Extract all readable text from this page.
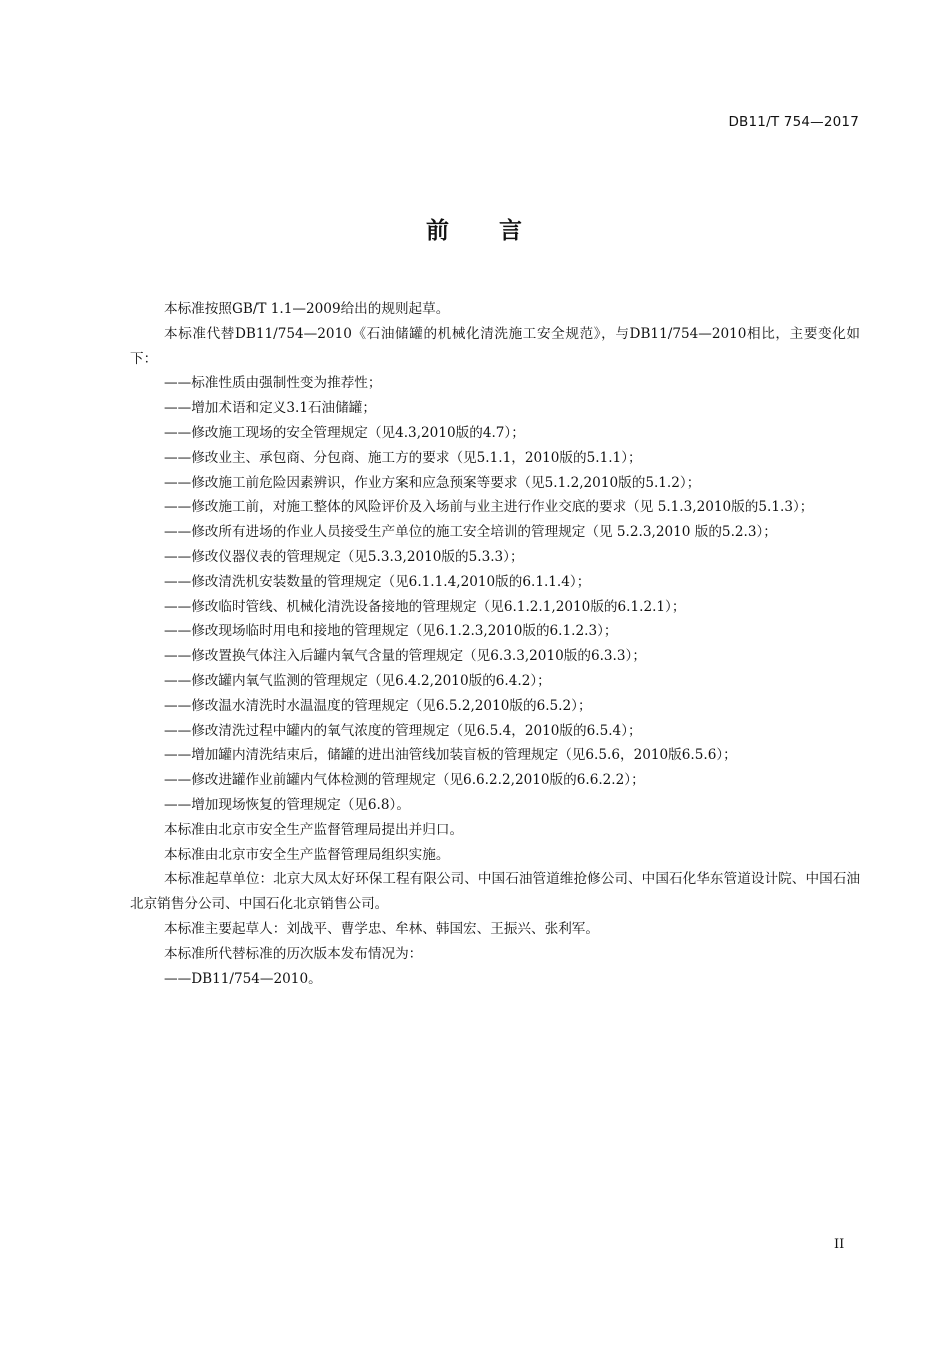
DB11/T 754—2017
前 言

本标准按照GB/T 1.1—2009给出的规则起草。

本标准代替DB11/754—2010《石油储罐的机械化清洗施工安全规范》，与DB11/754—2010相比，主要变化如下：

——标准性质由强制性变为推荐性；

——增加术语和定义3.1石油储罐；

——修改施工现场的安全管理规定（见4.3,2010版的4.7）；

——修改业主、承包商、分包商、施工方的要求（见5.1.1，2010版的5.1.1）；

——修改施工前危险因素辨识，作业方案和应急预案等要求（见5.1.2,2010版的5.1.2）；

——修改施工前，对施工整体的风险评价及入场前与业主进行作业交底的要求（见 5.1.3,2010版的5.1.3）；

——修改所有进场的作业人员接受生产单位的施工安全培训的管理规定（见 5.2.3,2010 版的5.2.3）；

——修改仪器仪表的管理规定（见5.3.3,2010版的5.3.3）；

——修改清洗机安装数量的管理规定（见6.1.1.4,2010版的6.1.1.4）；

——修改临时管线、机械化清洗设备接地的管理规定（见6.1.2.1,2010版的6.1.2.1）；

——修改现场临时用电和接地的管理规定（见6.1.2.3,2010版的6.1.2.3）；

——修改置换气体注入后罐内氧气含量的管理规定（见6.3.3,2010版的6.3.3）；

——修改罐内氧气监测的管理规定（见6.4.2,2010版的6.4.2）；

——修改温水清洗时水温温度的管理规定（见6.5.2,2010版的6.5.2）；

——修改清洗过程中罐内的氧气浓度的管理规定（见6.5.4，2010版的6.5.4）；

——增加罐内清洗结束后，储罐的进出油管线加装盲板的管理规定（见6.5.6，2010版6.5.6）；

——修改进罐作业前罐内气体检测的管理规定（见6.6.2.2,2010版的6.6.2.2）；

——增加现场恢复的管理规定（见6.8）。

本标准由北京市安全生产监督管理局提出并归口。

本标准由北京市安全生产监督管理局组织实施。

本标准起草单位：北京大凤太好环保工程有限公司、中国石油管道维抢修公司、中国石化华东管道设计院、中国石油北京销售分公司、中国石化北京销售公司。

本标准主要起草人：刘战平、曹学忠、牟林、韩国宏、王振兴、张利军。

本标准所代替标准的历次版本发布情况为：

——DB11/754—2010。

II
